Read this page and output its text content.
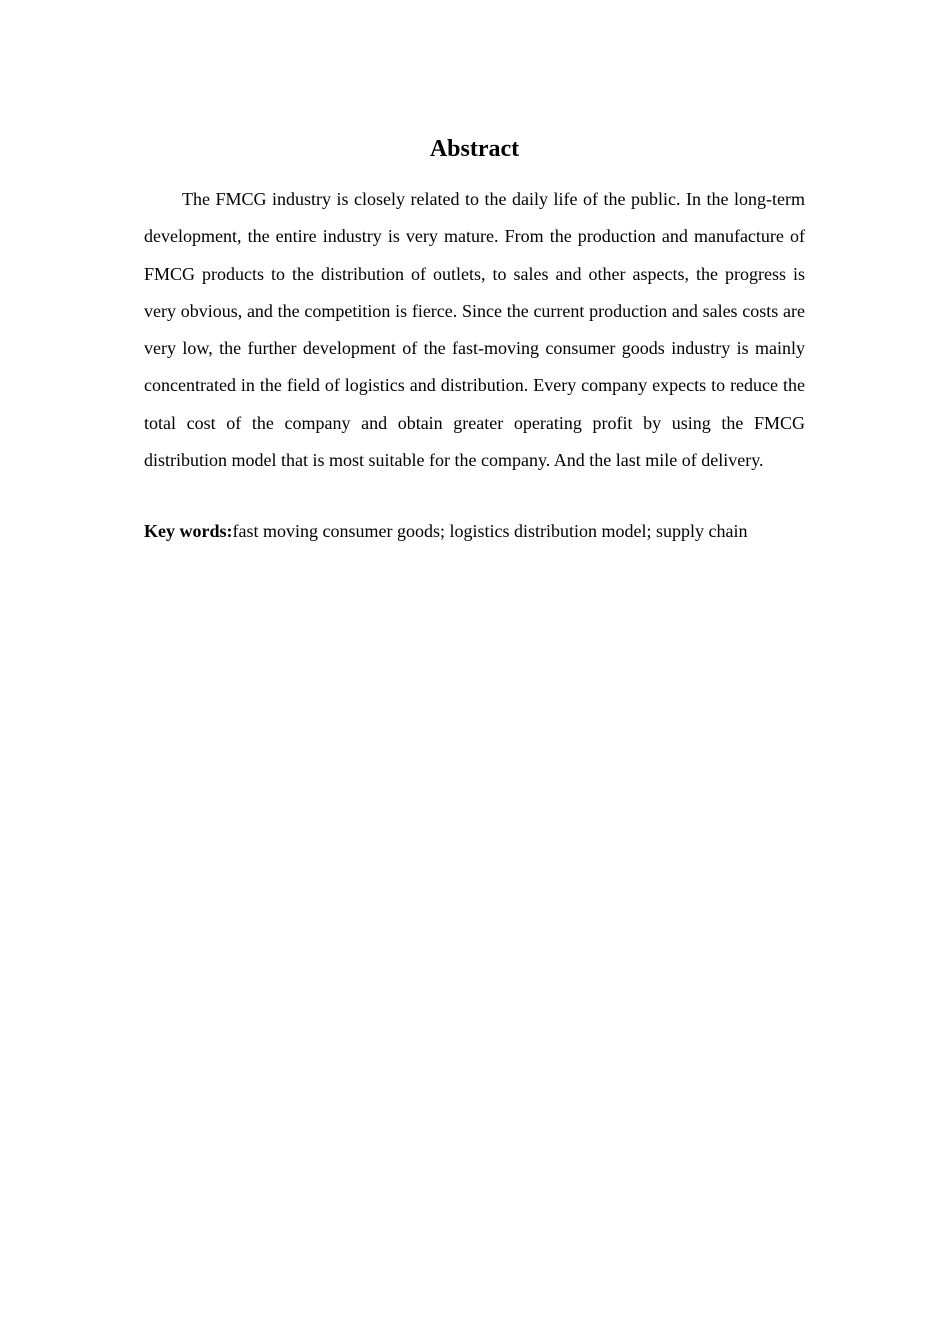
Abstract

The FMCG industry is closely related to the daily life of the public. In the long-term development, the entire industry is very mature. From the production and manufacture of FMCG products to the distribution of outlets, to sales and other aspects, the progress is very obvious, and the competition is fierce. Since the current production and sales costs are very low, the further development of the fast-moving consumer goods industry is mainly concentrated in the field of logistics and distribution. Every company expects to reduce the total cost of the company and obtain greater operating profit by using the FMCG distribution model that is most suitable for the company. And the last mile of delivery.

Key words:fast moving consumer goods; logistics distribution model; supply chain
